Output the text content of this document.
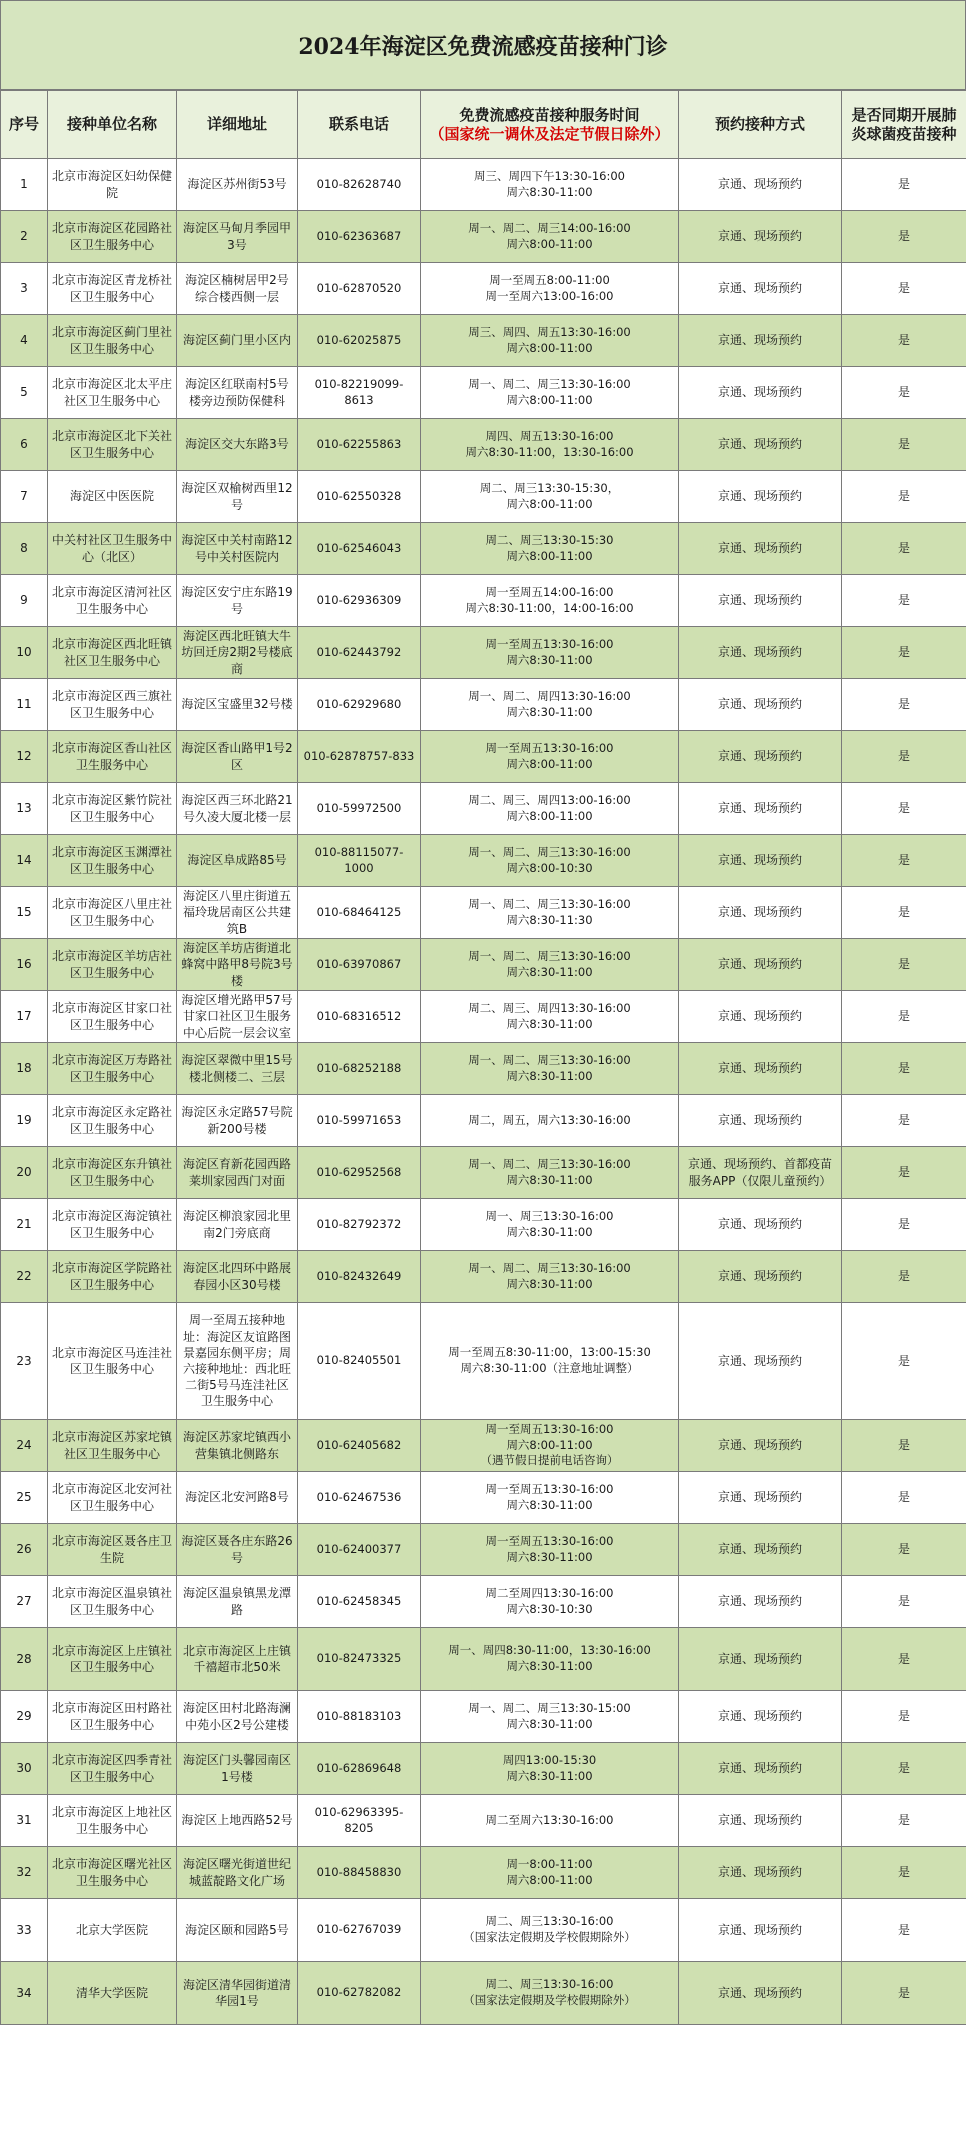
2024年海淀区免费流感疫苗接种门诊
序号	接种单位名称	详细地址	联系电话	免费流感疫苗接种服务时间
（国家统一调休及法定节假日除外）	预约接种方式	是否同期开展肺炎球菌疫苗接种
1	北京市海淀区妇幼保健院	海淀区苏州街53号	010-82628740	周三、周四下午13:30-16:00
周六8:30-11:00	京通、现场预约	是
2	北京市海淀区花园路社区卫生服务中心	海淀区马甸月季园甲3号	010-62363687	周一、周二、周三14:00-16:00
周六8:00-11:00	京通、现场预约	是
3	北京市海淀区青龙桥社区卫生服务中心	海淀区楠树居甲2号综合楼西侧一层	010-62870520	周一至周五8:00-11:00
周一至周六13:00-16:00	京通、现场预约	是
4	北京市海淀区蓟门里社区卫生服务中心	海淀区蓟门里小区内	010-62025875	周三、周四、周五13:30-16:00
周六8:00-11:00	京通、现场预约	是
5	北京市海淀区北太平庄社区卫生服务中心	海淀区红联南村5号楼旁边预防保健科	010-82219099-8613	周一、周二、周三13:30-16:00
周六8:00-11:00	京通、现场预约	是
6	北京市海淀区北下关社区卫生服务中心	海淀区交大东路3号	010-62255863	周四、周五13:30-16:00
周六8:30-11:00，13:30-16:00	京通、现场预约	是
7	海淀区中医医院	海淀区双榆树西里12号	010-62550328	周二、周三13:30-15:30，
周六8:00-11:00	京通、现场预约	是
8	中关村社区卫生服务中心（北区）	海淀区中关村南路12号中关村医院内	010-62546043	周二、周三13:30-15:30
周六8:00-11:00	京通、现场预约	是
9	北京市海淀区清河社区卫生服务中心	海淀区安宁庄东路19号	010-62936309	周一至周五14:00-16:00
周六8:30-11:00，14:00-16:00	京通、现场预约	是
10	北京市海淀区西北旺镇社区卫生服务中心	海淀区西北旺镇大牛坊回迁房2期2号楼底商	010-62443792	周一至周五13:30-16:00
周六8:30-11:00	京通、现场预约	是
11	北京市海淀区西三旗社区卫生服务中心	海淀区宝盛里32号楼	010-62929680	周一、周二、周四13:30-16:00
周六8:30-11:00	京通、现场预约	是
12	北京市海淀区香山社区卫生服务中心	海淀区香山路甲1号2区	010-62878757-833	周一至周五13:30-16:00
周六8:00-11:00	京通、现场预约	是
13	北京市海淀区紫竹院社区卫生服务中心	海淀区西三环北路21号久凌大厦北楼一层	010-59972500	周二、周三、周四13:00-16:00
周六8:00-11:00	京通、现场预约	是
14	北京市海淀区玉渊潭社区卫生服务中心	海淀区阜成路85号	010-88115077-1000	周一、周二、周三13:30-16:00
周六8:00-10:30	京通、现场预约	是
15	北京市海淀区八里庄社区卫生服务中心	海淀区八里庄街道五福玲珑居南区公共建筑B	010-68464125	周一、周二、周三13:30-16:00
周六8:30-11:30	京通、现场预约	是
16	北京市海淀区羊坊店社区卫生服务中心	海淀区羊坊店街道北蜂窝中路甲8号院3号楼	010-63970867	周一、周二、周三13:30-16:00
周六8:30-11:00	京通、现场预约	是
17	北京市海淀区甘家口社区卫生服务中心	海淀区增光路甲57号甘家口社区卫生服务中心后院一层会议室	010-68316512	周二、周三、周四13:30-16:00
周六8:30-11:00	京通、现场预约	是
18	北京市海淀区万寿路社区卫生服务中心	海淀区翠微中里15号楼北侧楼二、三层	010-68252188	周一、周二、周三13:30-16:00
周六8:30-11:00	京通、现场预约	是
19	北京市海淀区永定路社区卫生服务中心	海淀区永定路57号院新200号楼	010-59971653	周二，周五，周六13:30-16:00	京通、现场预约	是
20	北京市海淀区东升镇社区卫生服务中心	海淀区育新花园西路莱圳家园西门对面	010-62952568	周一、周二、周三13:30-16:00
周六8:30-11:00	京通、现场预约、首都疫苗服务APP（仅限儿童预约）	是
21	北京市海淀区海淀镇社区卫生服务中心	海淀区柳浪家园北里南2门旁底商	010-82792372	周一、周三13:30-16:00
周六8:30-11:00	京通、现场预约	是
22	北京市海淀区学院路社区卫生服务中心	海淀区北四环中路展春园小区30号楼	010-82432649	周一、周二、周三13:30-16:00
周六8:30-11:00	京通、现场预约	是
23	北京市海淀区马连洼社区卫生服务中心	周一至周五接种地址：海淀区友谊路图景嘉园东侧平房；周六接种地址：西北旺二街5号马连洼社区卫生服务中心	010-82405501	周一至周五8:30-11:00，13:00-15:30
周六8:30-11:00（注意地址调整）	京通、现场预约	是
24	北京市海淀区苏家坨镇社区卫生服务中心	海淀区苏家坨镇西小营集镇北侧路东	010-62405682	周一至周五13:30-16:00
周六8:00-11:00
（遇节假日提前电话咨询）	京通、现场预约	是
25	北京市海淀区北安河社区卫生服务中心	海淀区北安河路8号	010-62467536	周一至周五13:30-16:00
周六8:30-11:00	京通、现场预约	是
26	北京市海淀区聂各庄卫生院	海淀区聂各庄东路26号	010-62400377	周一至周五13:30-16:00
周六8:30-11:00	京通、现场预约	是
27	北京市海淀区温泉镇社区卫生服务中心	海淀区温泉镇黑龙潭路	010-62458345	周二至周四13:30-16:00
周六8:30-10:30	京通、现场预约	是
28	北京市海淀区上庄镇社区卫生服务中心	北京市海淀区上庄镇千禧超市北50米	010-82473325	周一、周四8:30-11:00，13:30-16:00
周六8:30-11:00	京通、现场预约	是
29	北京市海淀区田村路社区卫生服务中心	海淀区田村北路海澜中苑小区2号公建楼	010-88183103	周一、周二、周三13:30-15:00
周六8:30-11:00	京通、现场预约	是
30	北京市海淀区四季青社区卫生服务中心	海淀区门头馨园南区1号楼	010-62869648	周四13:00-15:30
周六8:30-11:00	京通、现场预约	是
31	北京市海淀区上地社区卫生服务中心	海淀区上地西路52号	010-62963395-8205	周二至周六13:30-16:00	京通、现场预约	是
32	北京市海淀区曙光社区卫生服务中心	海淀区曙光街道世纪城蓝靛路文化广场	010-88458830	周一8:00-11:00
周六8:00-11:00	京通、现场预约	是
33	北京大学医院	海淀区颐和园路5号	010-62767039	周二、周三13:30-16:00
（国家法定假期及学校假期除外）	京通、现场预约	是
34	清华大学医院	海淀区清华园街道清华园1号	010-62782082	周二、周三13:30-16:00
（国家法定假期及学校假期除外）	京通、现场预约	是
